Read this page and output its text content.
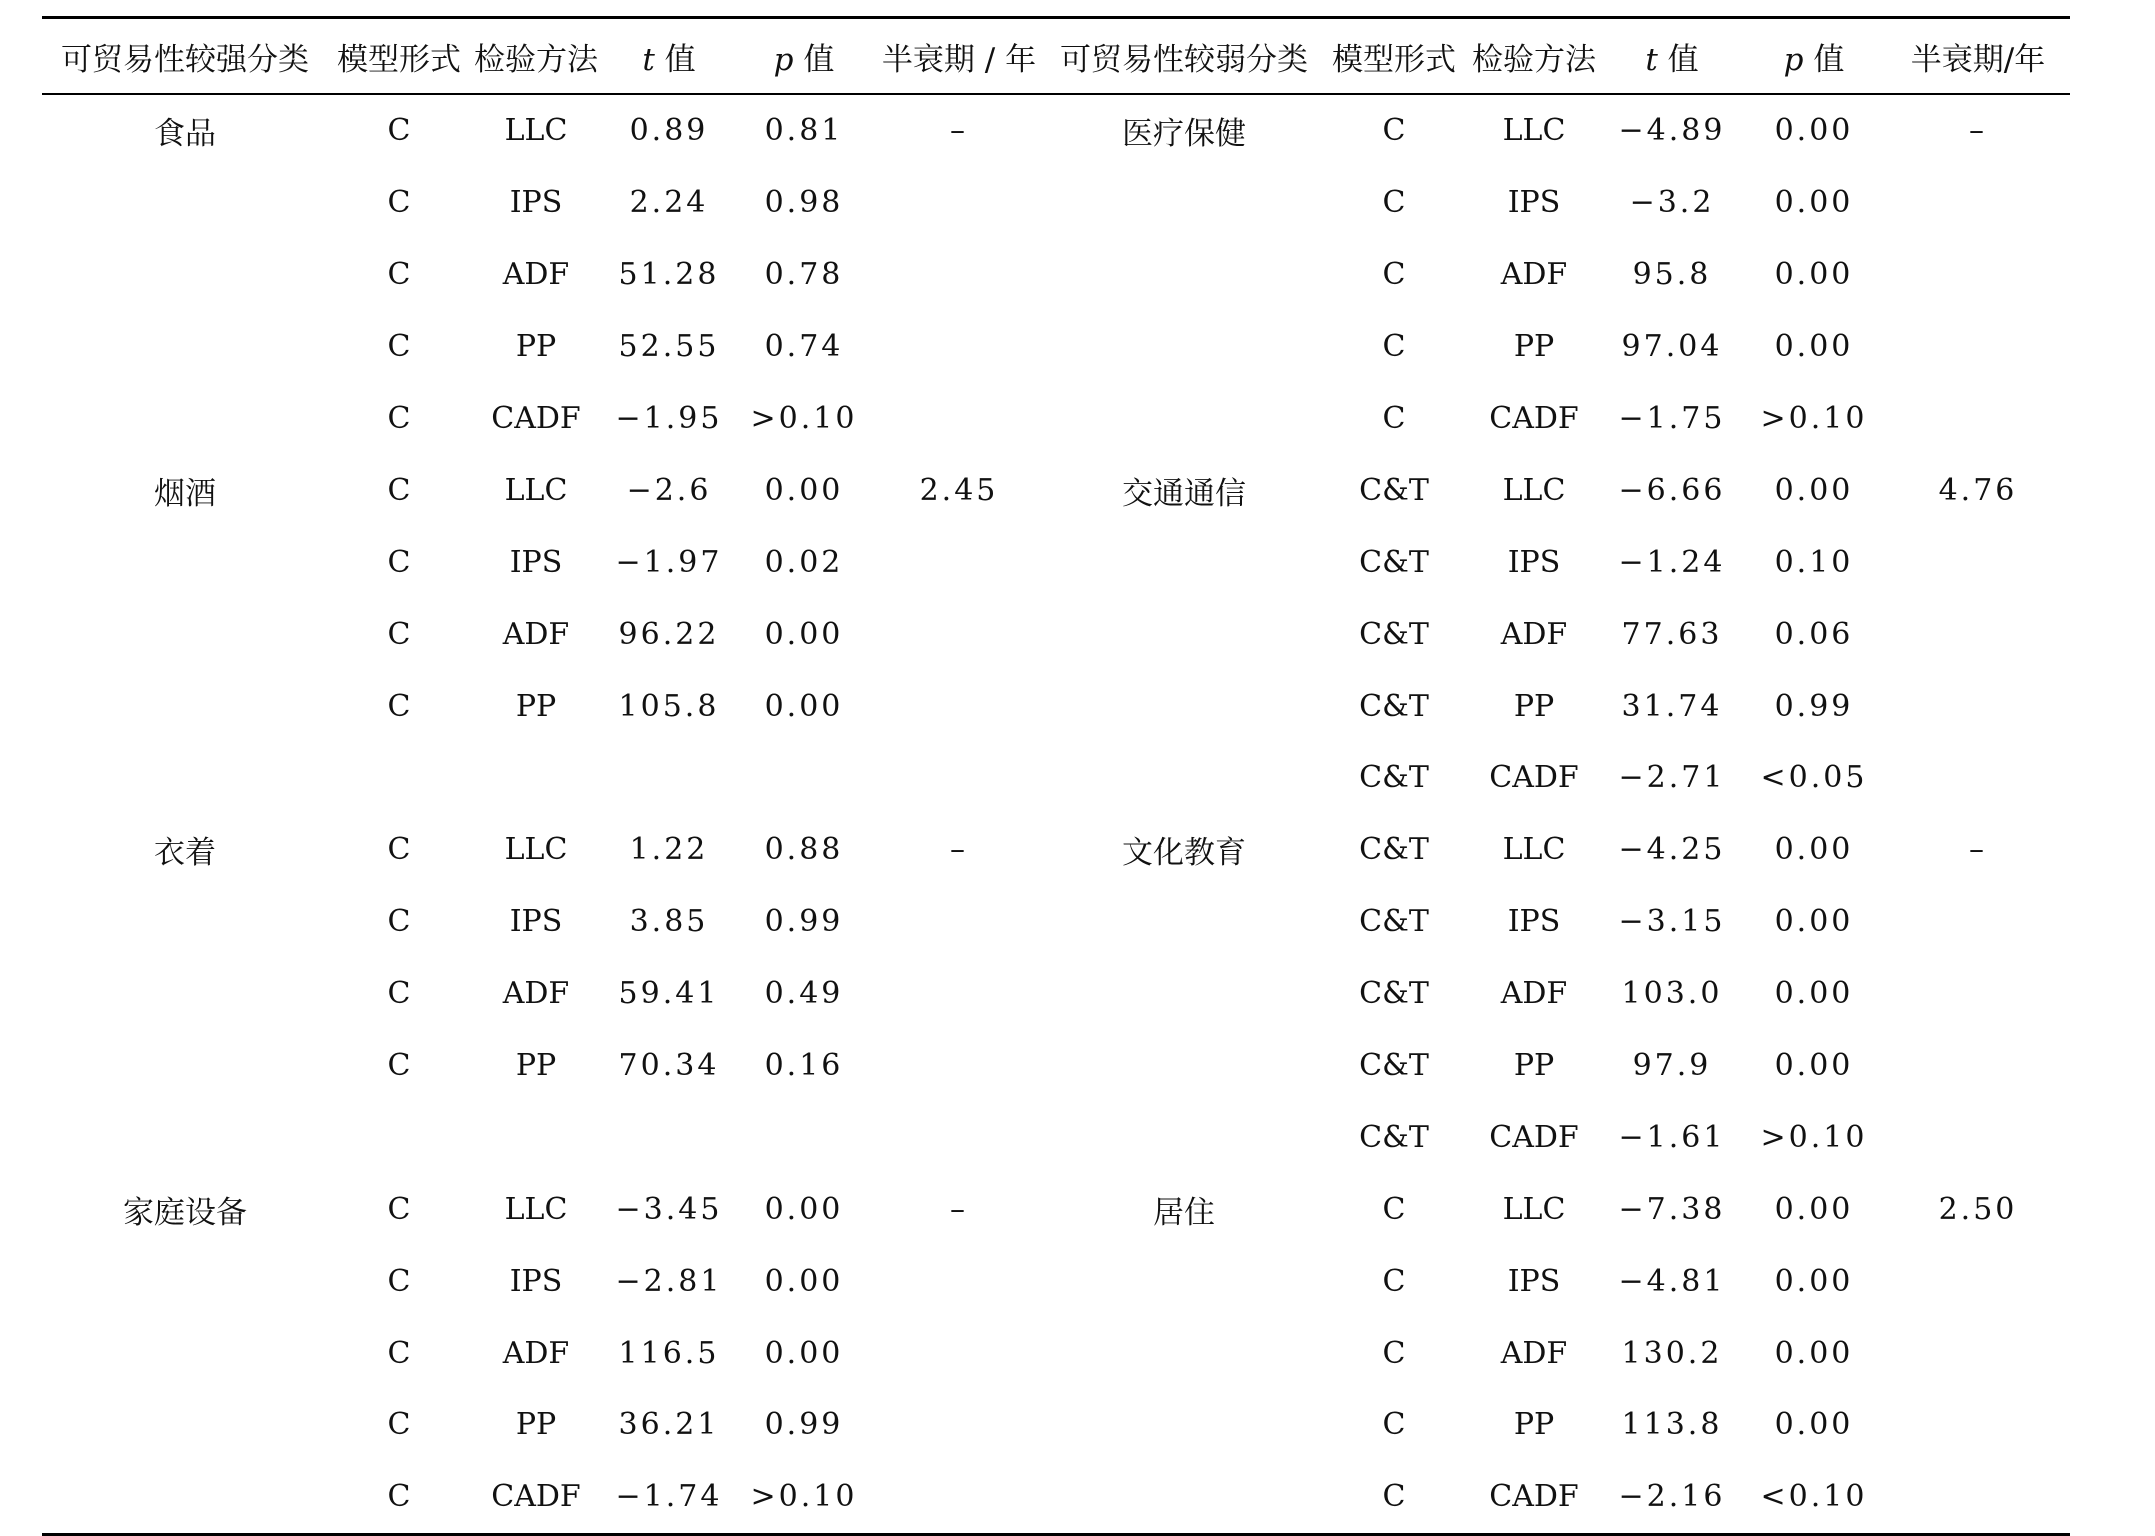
可贸易性较强分类	模型形式	检验方法	t 值	p 值	半衰期 / 年	可贸易性较弱分类	模型形式	检验方法	t 值	p 值	半衰期/年
食品	C	LLC	0.89	0.81	–	医疗保健	C	LLC	−4.89	0.00	–
	C	IPS	2.24	0.98			C	IPS	−3.2	0.00	
	C	ADF	51.28	0.78			C	ADF	95.8	0.00	
	C	PP	52.55	0.74			C	PP	97.04	0.00	
	C	CADF	−1.95	>0.10			C	CADF	−1.75	>0.10	
烟酒	C	LLC	−2.6	0.00	2.45	交通通信	C&T	LLC	−6.66	0.00	4.76
	C	IPS	−1.97	0.02			C&T	IPS	−1.24	0.10	
	C	ADF	96.22	0.00			C&T	ADF	77.63	0.06	
	C	PP	105.8	0.00			C&T	PP	31.74	0.99	
							C&T	CADF	−2.71	<0.05	
衣着	C	LLC	1.22	0.88	–	文化教育	C&T	LLC	−4.25	0.00	–
	C	IPS	3.85	0.99			C&T	IPS	−3.15	0.00	
	C	ADF	59.41	0.49			C&T	ADF	103.0	0.00	
	C	PP	70.34	0.16			C&T	PP	97.9	0.00	
							C&T	CADF	−1.61	>0.10	
家庭设备	C	LLC	−3.45	0.00	–	居住	C	LLC	−7.38	0.00	2.50
	C	IPS	−2.81	0.00			C	IPS	−4.81	0.00	
	C	ADF	116.5	0.00			C	ADF	130.2	0.00	
	C	PP	36.21	0.99			C	PP	113.8	0.00	
	C	CADF	−1.74	>0.10			C	CADF	−2.16	<0.10	
